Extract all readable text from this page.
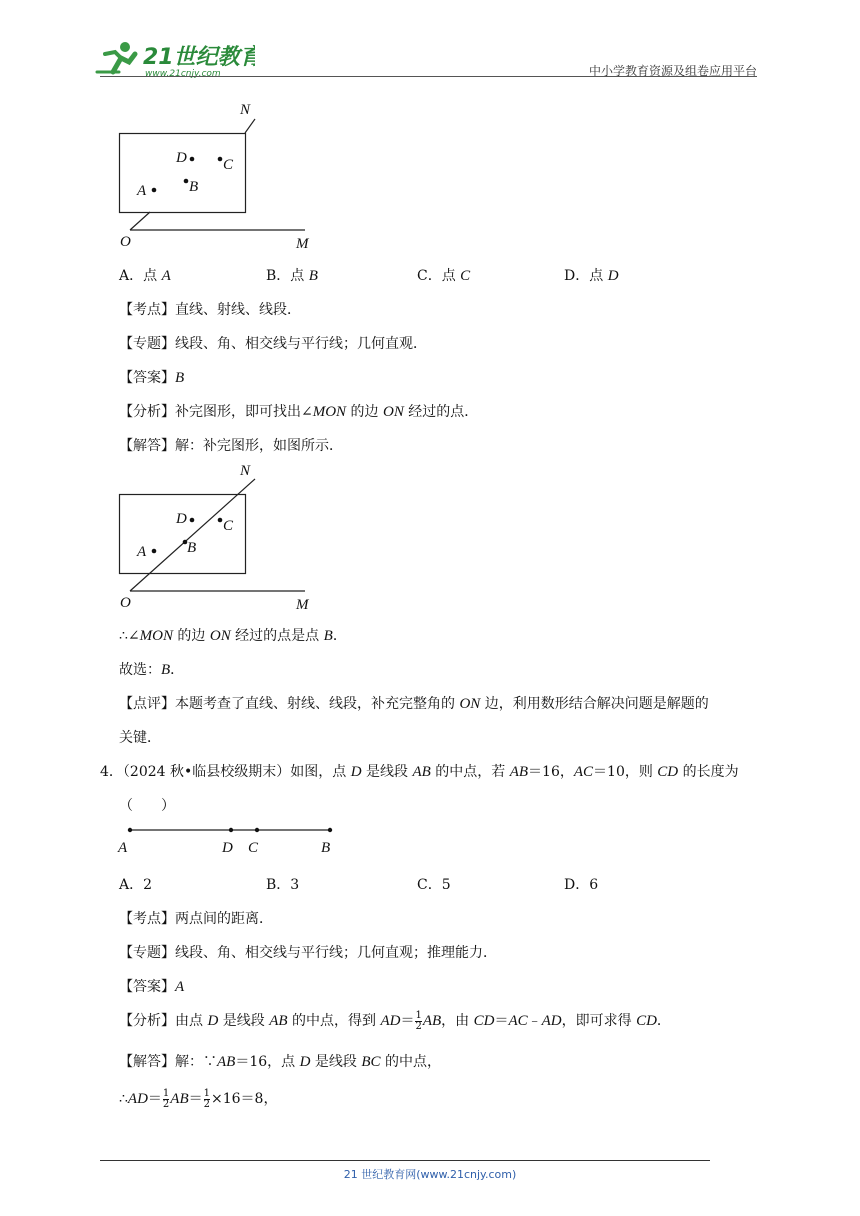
21世纪教育
www.21cnjy.com	中小学教育资源及组卷应用平台
N
D C
A	B
O	M
A．点 A	B．点 B	C．点 C	D．点 D
【考点】直线、射线、线段．
【专题】线段、角、相交线与平行线；几何直观．
【答案】B
【分析】补完图形，即可找出∠MON 的边 ON 经过的点．
【解答】解：补完图形，如图所示．
N
D C
A	B
O	M
∴∠MON 的边 ON 经过的点是点 B．
故选：B．
【点评】本题考查了直线、射线、线段，补充完整角的 ON 边，利用数形结合解决问题是解题的
关键．
4．（2024 秋•临县校级期末）如图，点 D 是线段 AB 的中点，若 AB＝16，AC＝10，则 CD 的长度为
（　　）
A	D C	B
A．2	B．3	C．5	D．6
【考点】两点间的距离．
【专题】线段、角、相交线与平行线；几何直观；推理能力．
【答案】A
【分析】由点 D 是线段 AB 的中点，得到 $AD= \frac{1}{2}$ AB，由 CD＝AC﹣AD，即可求得 CD．
【解答】解：∵AB＝16，点 D 是线段 BC 的中点，
∴AD＝ $\frac{1}{2} AB= \frac{1}{2} \times 16=8$，
21 世纪教育网(www.21cnjy.com)
